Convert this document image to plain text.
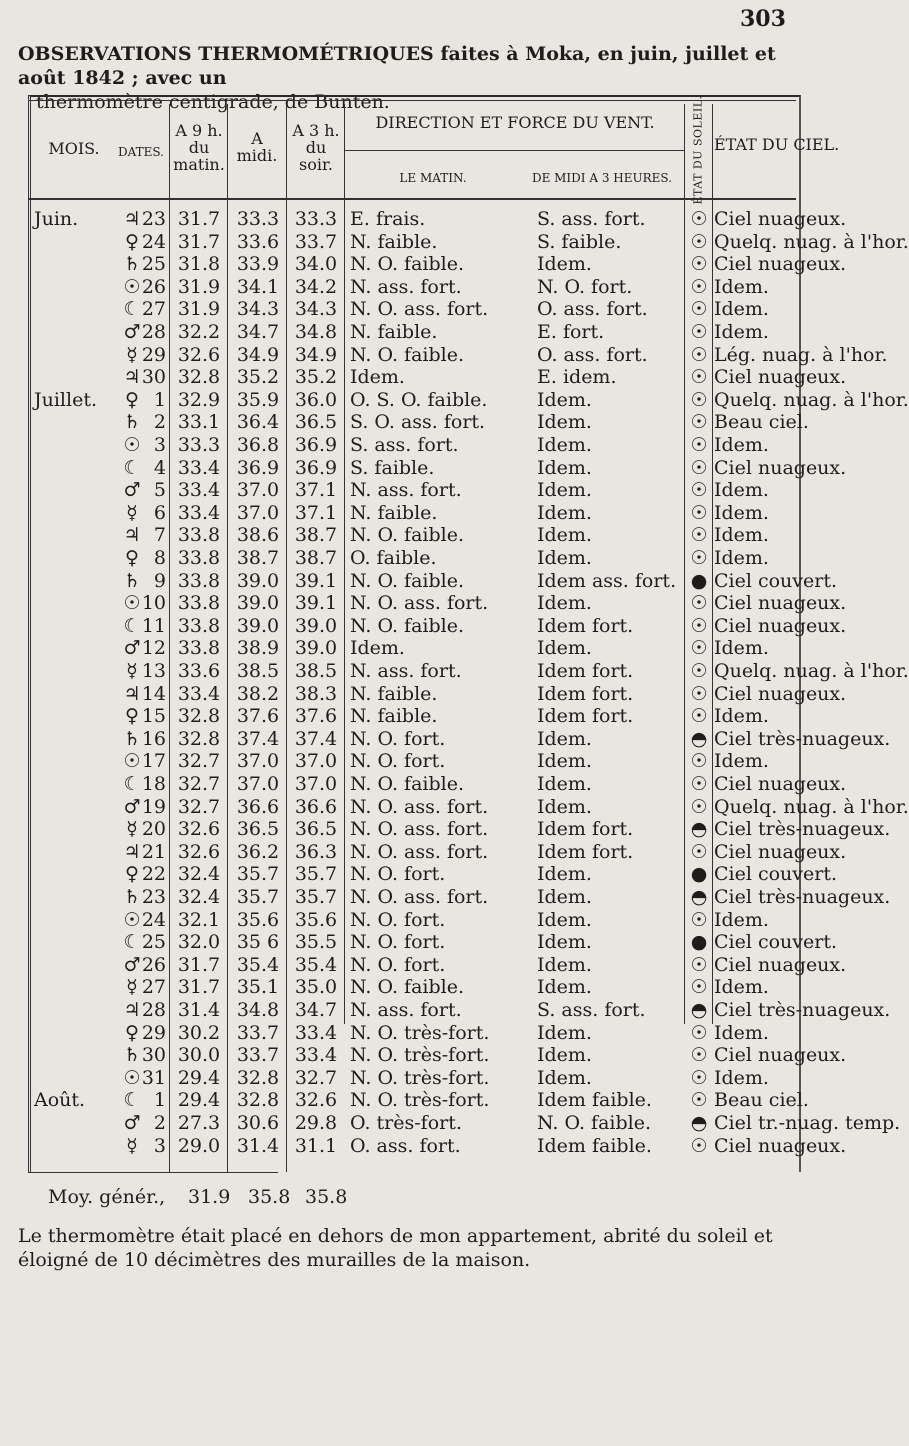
303
OBSERVATIONS THERMOMÉTRIQUES faites à Moka, en juin, juillet et août 1842 ; avec un
thermomètre centigrade, de Bunten.
MOIS.	DATES.
A 9 h. du matin.
A midi.
A 3 h. du soir.
DIRECTION ET FORCE DU VENT.
LE MATIN.	DE MIDI A 3 HEURES.	ÉTAT DU SOLEIL. ÉTAT DU CIEL.
Juin.	♃ 23 31.7 33.3 33.3 E. frais.	S. ass. fort.	☉ Ciel nuageux.
♀ 24 31.7 33.6 33.7 N. faible.	S. faible.	☉ Quelq. nuag. à l'hor.
♄ 25 31.8 33.9 34.0 N. O. faible.	Idem.	☉ Ciel nuageux.
☉ 26 31.9 34.1 34.2 N. ass. fort.	N. O. fort.	☉ Idem.
☾ 27 31.9 34.3 34.3 N. O. ass. fort.	O. ass. fort.	☉ Idem.
♂ 28 32.2 34.7 34.8 N. faible.	E. fort.	☉ Idem.
☿ 29 32.6 34.9 34.9 N. O. faible.	O. ass. fort.	☉ Lég. nuag. à l'hor.
♃ 30 32.8 35.2 35.2 Idem.	E. idem.	☉ Ciel nuageux.
Juillet.	♀ 1 32.9 35.9 36.0 O. S. O. faible.	Idem.	☉ Quelq. nuag. à l'hor.
♄ 2 33.1 36.4 36.5 S. O. ass. fort.	Idem.	☉ Beau ciel.
☉ 3 33.3 36.8 36.9 S. ass. fort.	Idem.	☉ Idem.
☾ 4 33.4 36.9 36.9 S. faible.	Idem.	☉ Ciel nuageux.
♂ 5 33.4 37.0 37.1 N. ass. fort.	Idem.	☉ Idem.
☿ 6 33.4 37.0 37.1 N. faible.	Idem.	☉ Idem.
♃ 7 33.8 38.6 38.7 N. O. faible.	Idem.	☉ Idem.
♀ 8 33.8 38.7 38.7 O. faible.	Idem.	☉ Idem.
♄ 9 33.8 39.0 39.1 N. O. faible.	Idem ass. fort. ● Ciel couvert.
☉ 10 33.8 39.0 39.1 N. O. ass. fort.	Idem.	☉ Ciel nuageux.
☾ 11 33.8 39.0 39.0 N. O. faible.	Idem fort.	☉ Ciel nuageux.
♂ 12 33.8 38.9 39.0 Idem.	Idem.	☉ Idem.
☿ 13 33.6 38.5 38.5 N. ass. fort.	Idem fort.	☉ Quelq. nuag. à l'hor.
♃ 14 33.4 38.2 38.3 N. faible.	Idem fort.	☉ Ciel nuageux.
♀ 15 32.8 37.6 37.6 N. faible.	Idem fort.	☉ Idem.
♄ 16 32.8 37.4 37.4 N. O. fort.	Idem.	◓ Ciel très-nuageux.
☉ 17 32.7 37.0 37.0 N. O. fort.	Idem.	☉ Idem.
☾ 18 32.7 37.0 37.0 N. O. faible.	Idem.	☉ Ciel nuageux.
♂ 19 32.7 36.6 36.6 N. O. ass. fort.	Idem.	☉ Quelq. nuag. à l'hor.
☿ 20 32.6 36.5 36.5 N. O. ass. fort.	Idem fort.	◓ Ciel très-nuageux.
♃ 21 32.6 36.2 36.3 N. O. ass. fort.	Idem fort.	☉ Ciel nuageux.
♀ 22 32.4 35.7 35.7 N. O. fort.	Idem.	● Ciel couvert.
♄ 23 32.4 35.7 35.7 N. O. ass. fort.	Idem.	◓ Ciel très-nuageux.
☉ 24 32.1 35.6 35.6 N. O. fort.	Idem.	☉ Idem.
☾ 25 32.0 35 6 35.5 N. O. fort.	Idem.	● Ciel couvert.
♂ 26 31.7 35.4 35.4 N. O. fort.	Idem.	☉ Ciel nuageux.
☿ 27 31.7 35.1 35.0 N. O. faible.	Idem.	☉ Idem.
♃ 28 31.4 34.8 34.7 N. ass. fort.	S. ass. fort.	◓ Ciel très-nuageux.
♀ 29 30.2 33.7 33.4 N. O. très-fort.	Idem.	☉ Idem.
♄ 30 30.0 33.7 33.4 N. O. très-fort.	Idem.	☉ Ciel nuageux.
☉ 31 29.4 32.8 32.7 N. O. très-fort.	Idem.	☉ Idem.
Août.	☾ 1 29.4 32.8 32.6 N. O. très-fort.	Idem faible.	☉ Beau ciel.
♂ 2 27.3 30.6 29.8 O. très-fort.	N. O. faible.	◓ Ciel tr.-nuag. temp.
☿ 3 29.0 31.4 31.1 O. ass. fort.	Idem faible.	☉ Ciel nuageux.
Moy. génér., 31.9 35.8 35.8
Le thermomètre était placé en dehors de mon appartement, abrité du soleil et éloigné de 10 décimètres des murailles de la maison.
